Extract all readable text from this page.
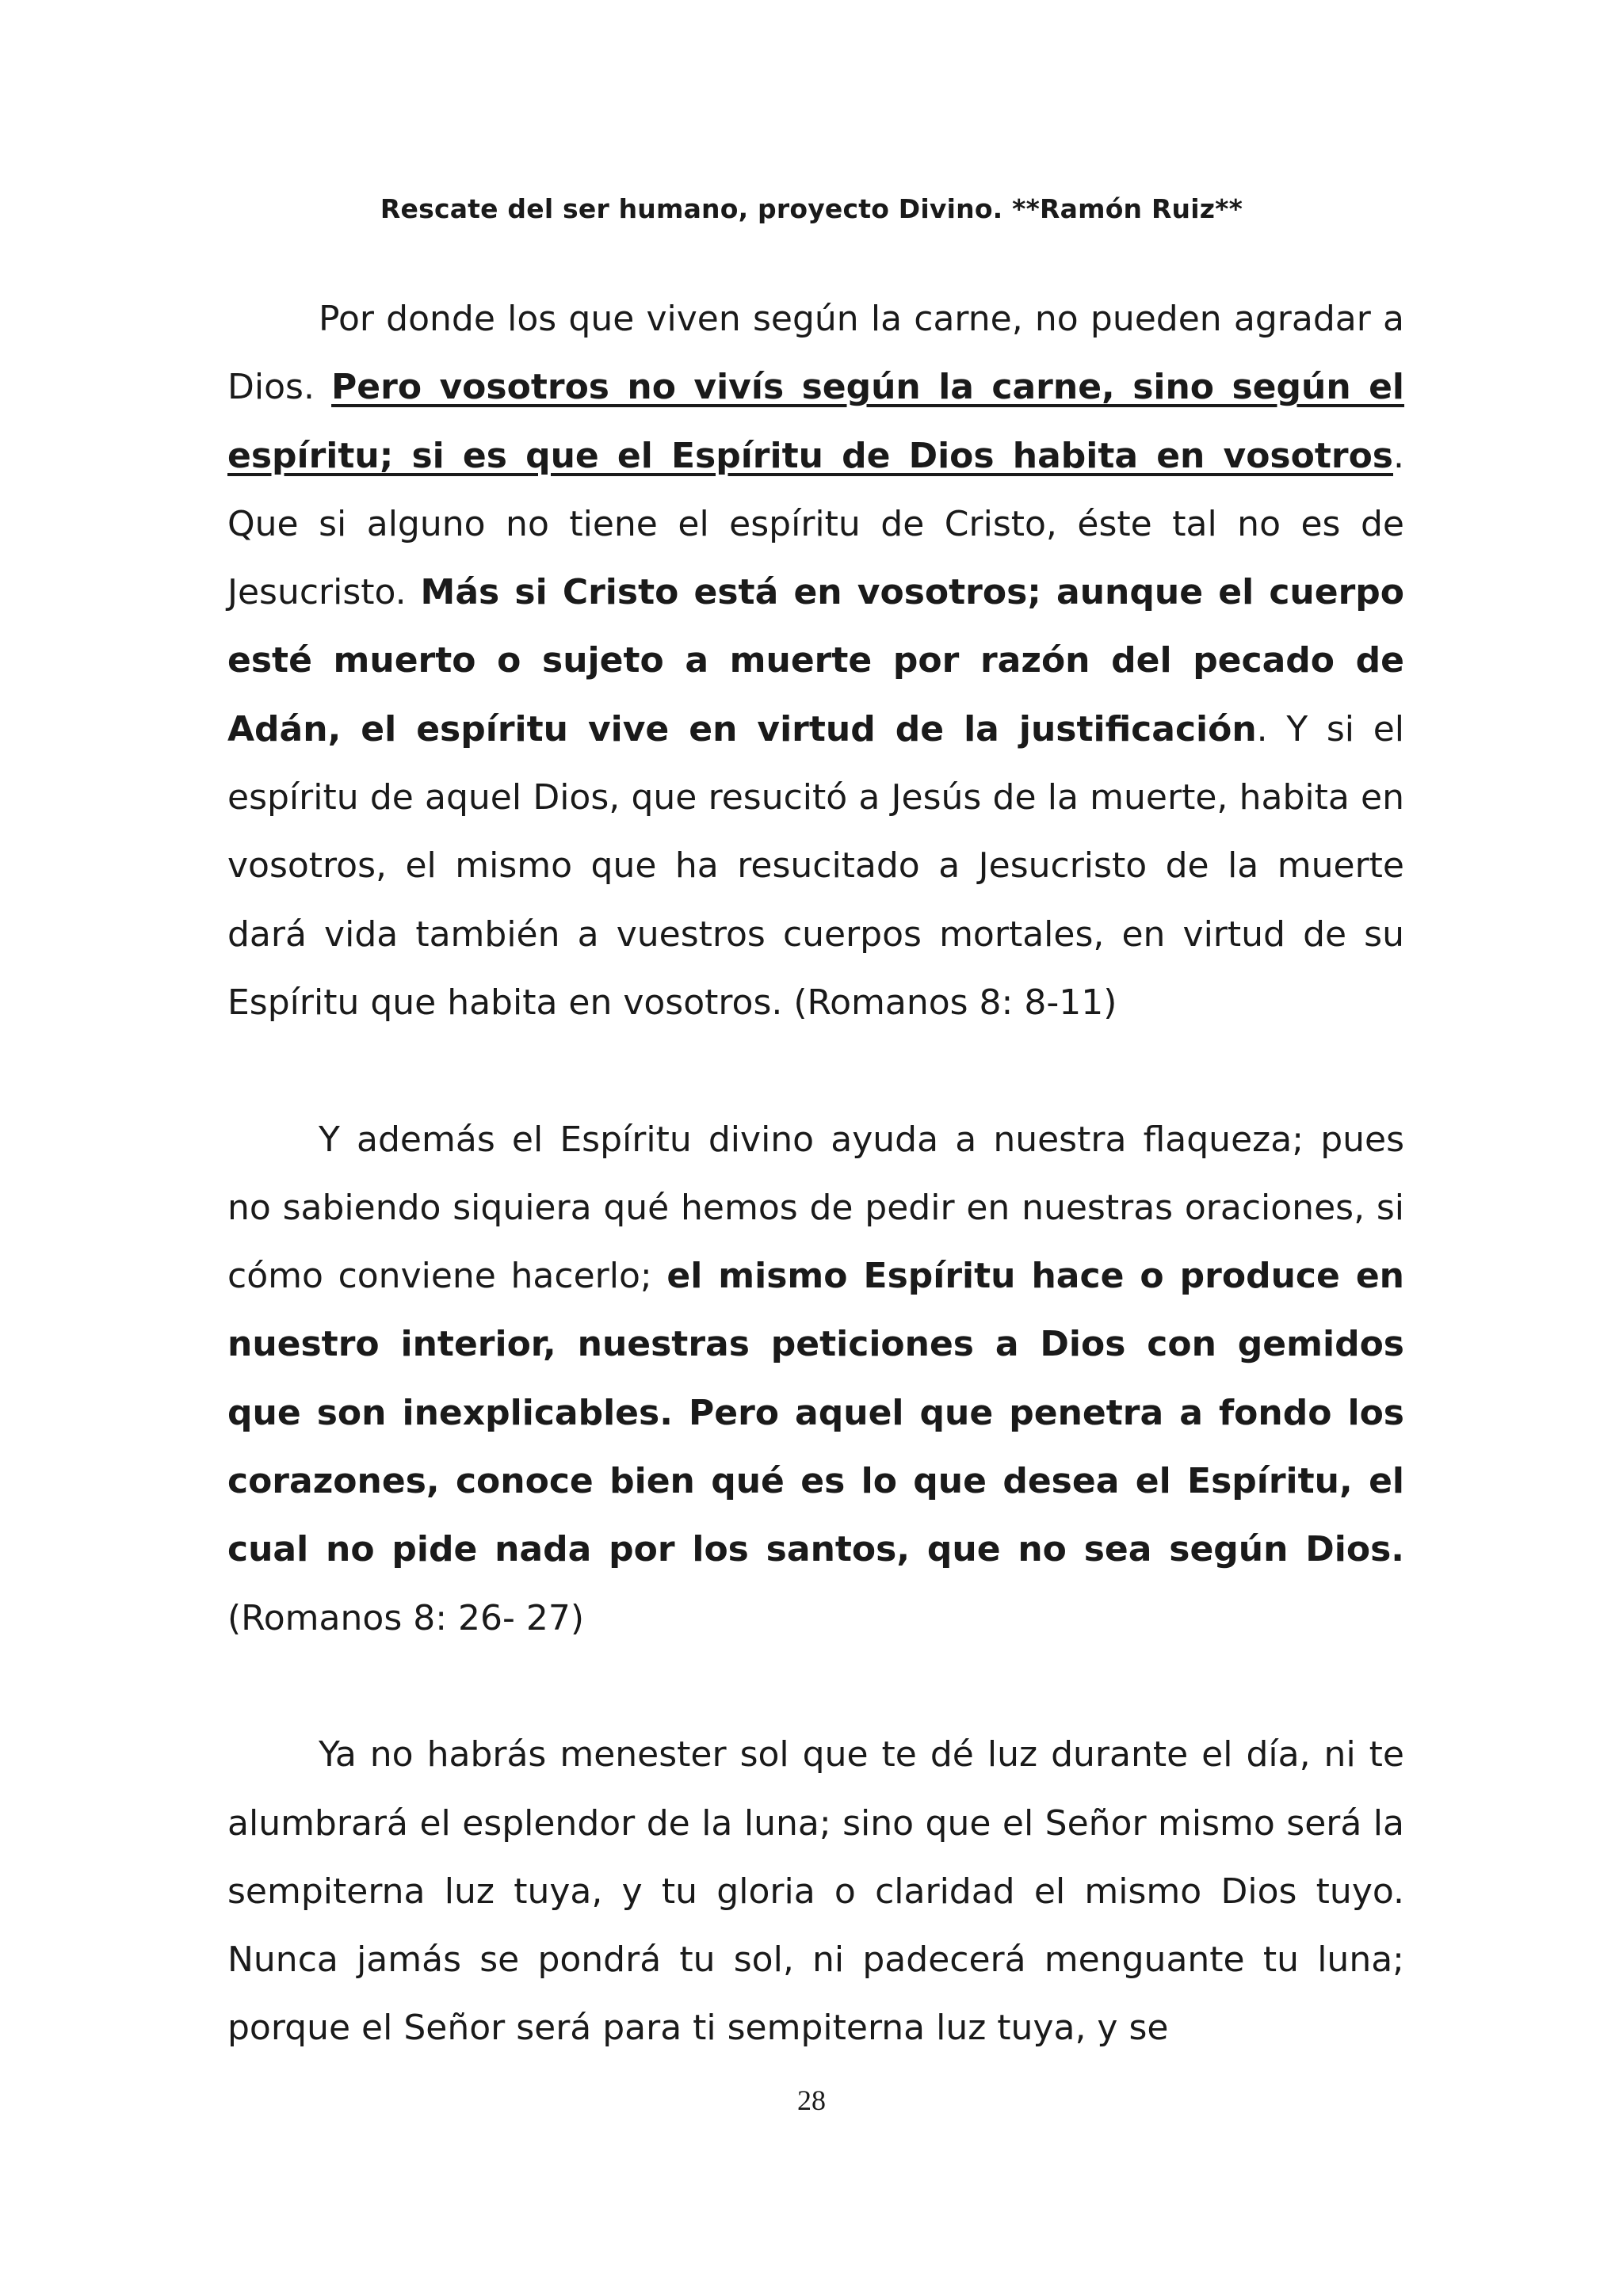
Rescate del ser humano, proyecto Divino. **Ramón Ruiz**

Por donde los que viven según la carne, no pueden agradar a Dios. Pero vosotros no vivís según la carne, sino según el espíritu; si es que el Espíritu de Dios habita en vosotros. Que si alguno no tiene el espíritu de Cristo, éste tal no es de Jesucristo. Más si Cristo está en vosotros; aunque el cuerpo esté muerto o sujeto a muerte por razón del pecado de Adán, el espíritu vive en virtud de la justificación. Y si el espíritu de aquel Dios, que resucitó a Jesús de la muerte, habita en vosotros, el mismo que ha resucitado a Jesucristo de la muerte dará vida también a vuestros cuerpos mortales, en virtud de su Espíritu que habita en vosotros. (Romanos 8: 8-11)

Y además el Espíritu divino ayuda a nuestra flaqueza; pues no sabiendo siquiera qué hemos de pedir en nuestras oraciones, si cómo conviene hacerlo; el mismo Espíritu hace o produce en nuestro interior, nuestras peticiones a Dios con gemidos que son inexplicables. Pero aquel que penetra a fondo los corazones, conoce bien qué es lo que desea el Espíritu, el cual no pide nada por los santos, que no sea según Dios. (Romanos 8: 26- 27)

Ya no habrás menester sol que te dé luz durante el día, ni te alumbrará el esplendor de la luna; sino que el Señor mismo será la sempiterna luz tuya, y tu gloria o claridad el mismo Dios tuyo. Nunca jamás se pondrá tu sol, ni padecerá menguante tu luna; porque el Señor será para ti sempiterna luz tuya, y se

28
